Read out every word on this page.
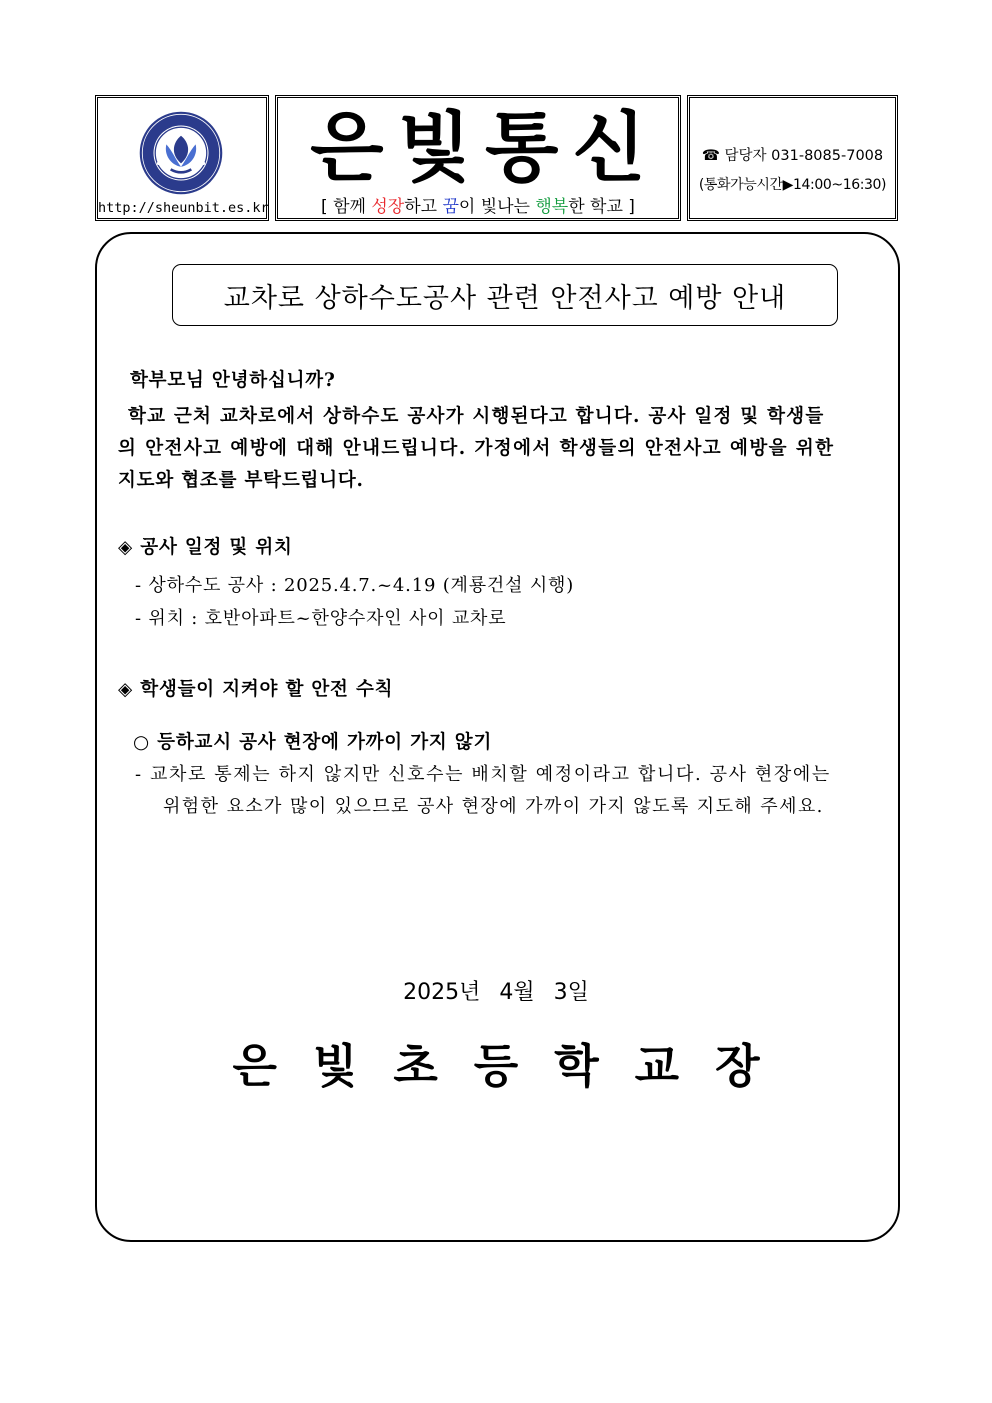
http://sheunbit.es.kr
은빛통신
[ 함께 성장하고 꿈이 빛나는 행복한 학교 ]
☎ 담당자 031-8085-7008
(통화가능시간▶14:00~16:30)
교차로 상하수도공사 관련 안전사고 예방 안내
학부모님 안녕하십니까?
학교 근처 교차로에서 상하수도 공사가 시행된다고 합니다. 공사 일정 및 학생들
의 안전사고 예방에 대해 안내드립니다. 가정에서 학생들의 안전사고 예방을 위한
지도와 협조를 부탁드립니다.
◈ 공사 일정 및 위치
- 상하수도 공사 : 2025.4.7.~4.19 (계룡건설 시행)
- 위치 : 호반아파트~한양수자인 사이 교차로
◈ 학생들이 지켜야 할 안전 수칙
○ 등하교시 공사 현장에 가까이 가지 않기
- 교차로 통제는 하지 않지만 신호수는 배치할 예정이라고 합니다. 공사 현장에는
위험한 요소가 많이 있으므로 공사 현장에 가까이 가지 않도록 지도해 주세요.
2025년 4월 3일
은빛초등학교장
